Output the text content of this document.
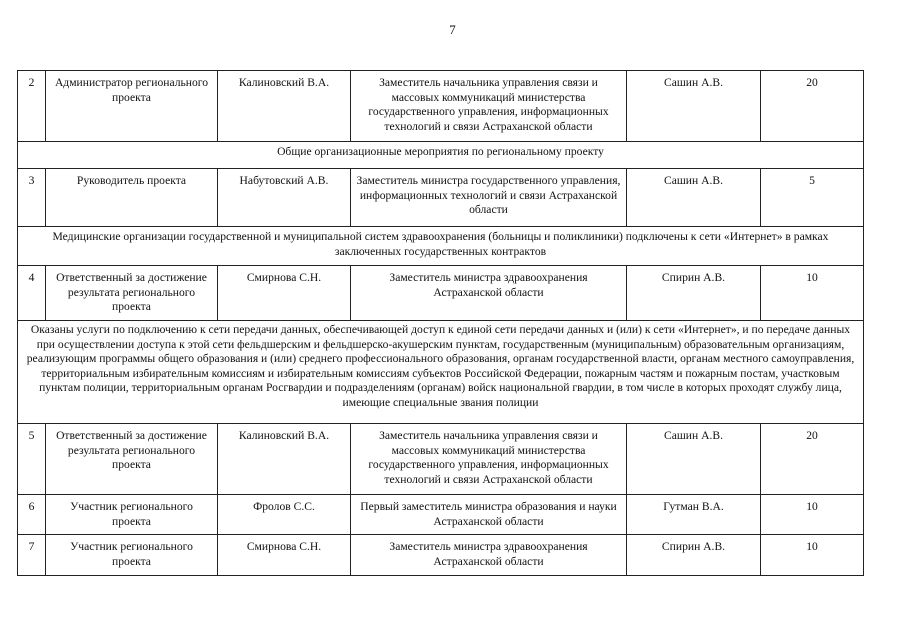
7
2	Администратор регионального проекта	Калиновский В.А.	Заместитель начальника управления связи и массовых коммуникаций министерства государственного управления, информационных технологий и связи Астраханской области	Сашин А.В.	20
Общие организационные мероприятия по региональному проекту					
3	Руководитель проекта	Набутовский А.В.	Заместитель министра государственного управления, информационных технологий и связи Астраханской области	Сашин А.В.	5
Медицинские организации государственной и муниципальной систем здравоохранения (больницы и поликлиники) подключены к сети «Интернет» в рамках заключенных государственных контрактов					
4	Ответственный за достижение результата регионального проекта	Смирнова С.Н.	Заместитель министра здравоохранения Астраханской области	Спирин А.В.	10
Оказаны услуги по подключению к сети передачи данных, обеспечивающей доступ к единой сети передачи данных и (или) к сети «Интернет», и по передаче данных при осуществлении доступа к этой сети фельдшерским и фельдшерско-акушерским пунктам, государственным (муниципальным) образовательным организациям, реализующим программы общего образования и (или) среднего профессионального образования, органам государственной власти, органам местного самоуправления, территориальным избирательным комиссиям и избирательным комиссиям субъектов Российской Федерации, пожарным частям и пожарным постам, участковым пунктам полиции, территориальным органам Росгвардии и подразделениям (органам) войск национальной гвардии, в том числе в которых проходят службу лица, имеющие специальные звания полиции					
5	Ответственный за достижение результата регионального проекта	Калиновский В.А.	Заместитель начальника управления связи и массовых коммуникаций министерства государственного управления, информационных технологий и связи Астраханской области	Сашин А.В.	20
6	Участник регионального проекта	Фролов С.С.	Первый заместитель министра образования и науки Астраханской области	Гутман В.А.	10
7	Участник регионального проекта	Смирнова С.Н.	Заместитель министра здравоохранения Астраханской области	Спирин А.В.	10
